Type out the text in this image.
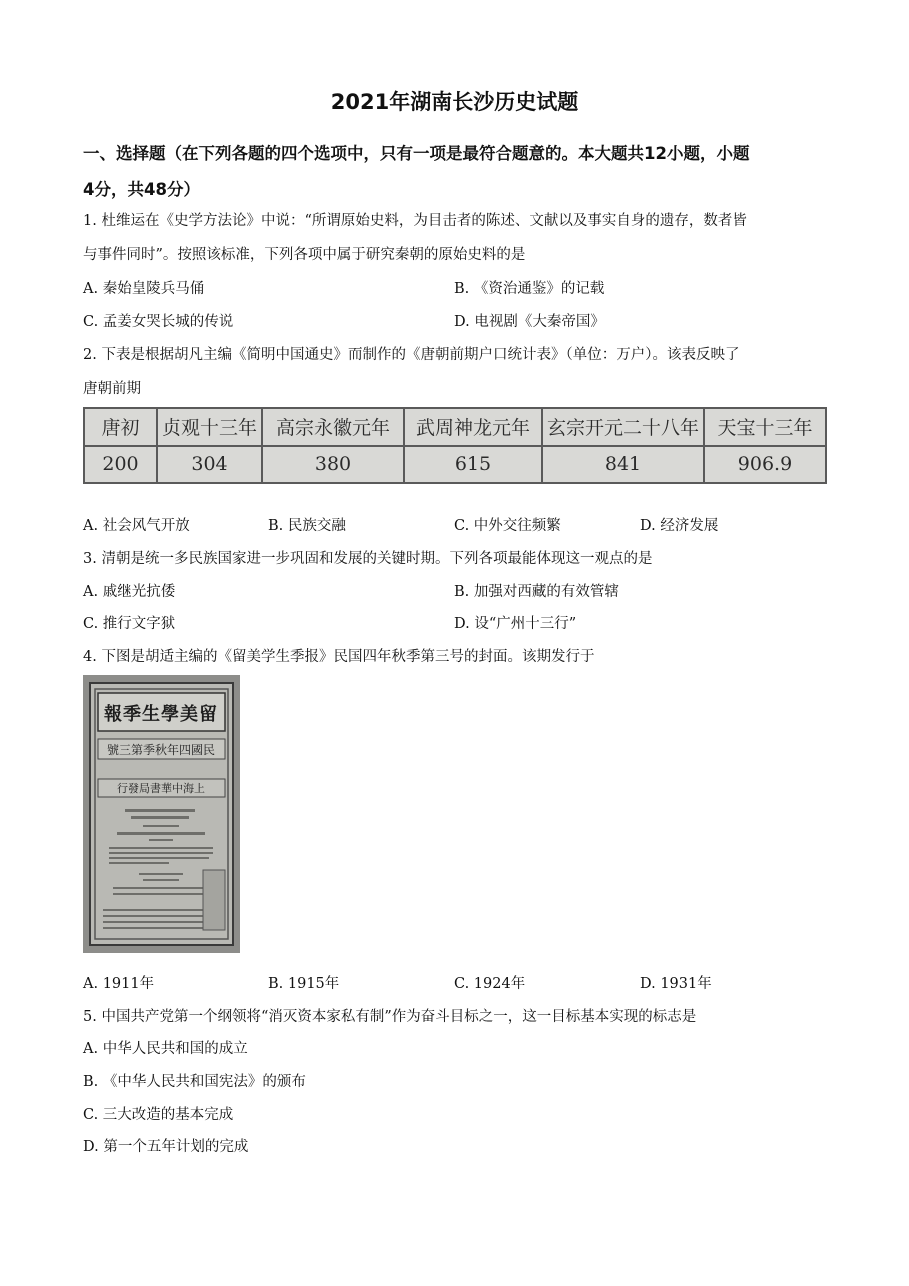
2021年湖南长沙历史试题
一、选择题（在下列各题的四个选项中，只有一项是最符合题意的。本大题共12小题，小题
4分，共48分）
1. 杜维运在《史学方法论》中说：“所谓原始史料，为目击者的陈述、文献以及事实自身的遗存，数者皆
与事件同时”。按照该标准，下列各项中属于研究秦朝的原始史料的是
A. 秦始皇陵兵马俑	B. 《资治通鉴》的记载
C. 孟姜女哭长城的传说	D. 电视剧《大秦帝国》
2. 下表是根据胡凡主编《简明中国通史》而制作的《唐朝前期户口统计表》（单位：万户）。该表反映了
唐朝前期
唐初	贞观十三年	高宗永徽元年	武周神龙元年	玄宗开元二十八年	天宝十三年
200	304	380	615	841	906.9
A. 社会风气开放	B. 民族交融	C. 中外交往频繁	D. 经济发展
3. 清朝是统一多民族国家进一步巩固和发展的关键时期。下列各项最能体现这一观点的是
A. 戚继光抗倭	B. 加强对西藏的有效管辖
C. 推行文字狱	D. 设“广州十三行”
4. 下图是胡适主编的《留美学生季报》民国四年秋季第三号的封面。该期发行于
報季生學美留
號三第季秋年四國民
行發局書華中海上
A. 1911年	B. 1915年	C. 1924年	D. 1931年
5. 中国共产党第一个纲领将“消灭资本家私有制”作为奋斗目标之一，这一目标基本实现的标志是
A. 中华人民共和国的成立
B. 《中华人民共和国宪法》的颁布
C. 三大改造的基本完成
D. 第一个五年计划的完成
